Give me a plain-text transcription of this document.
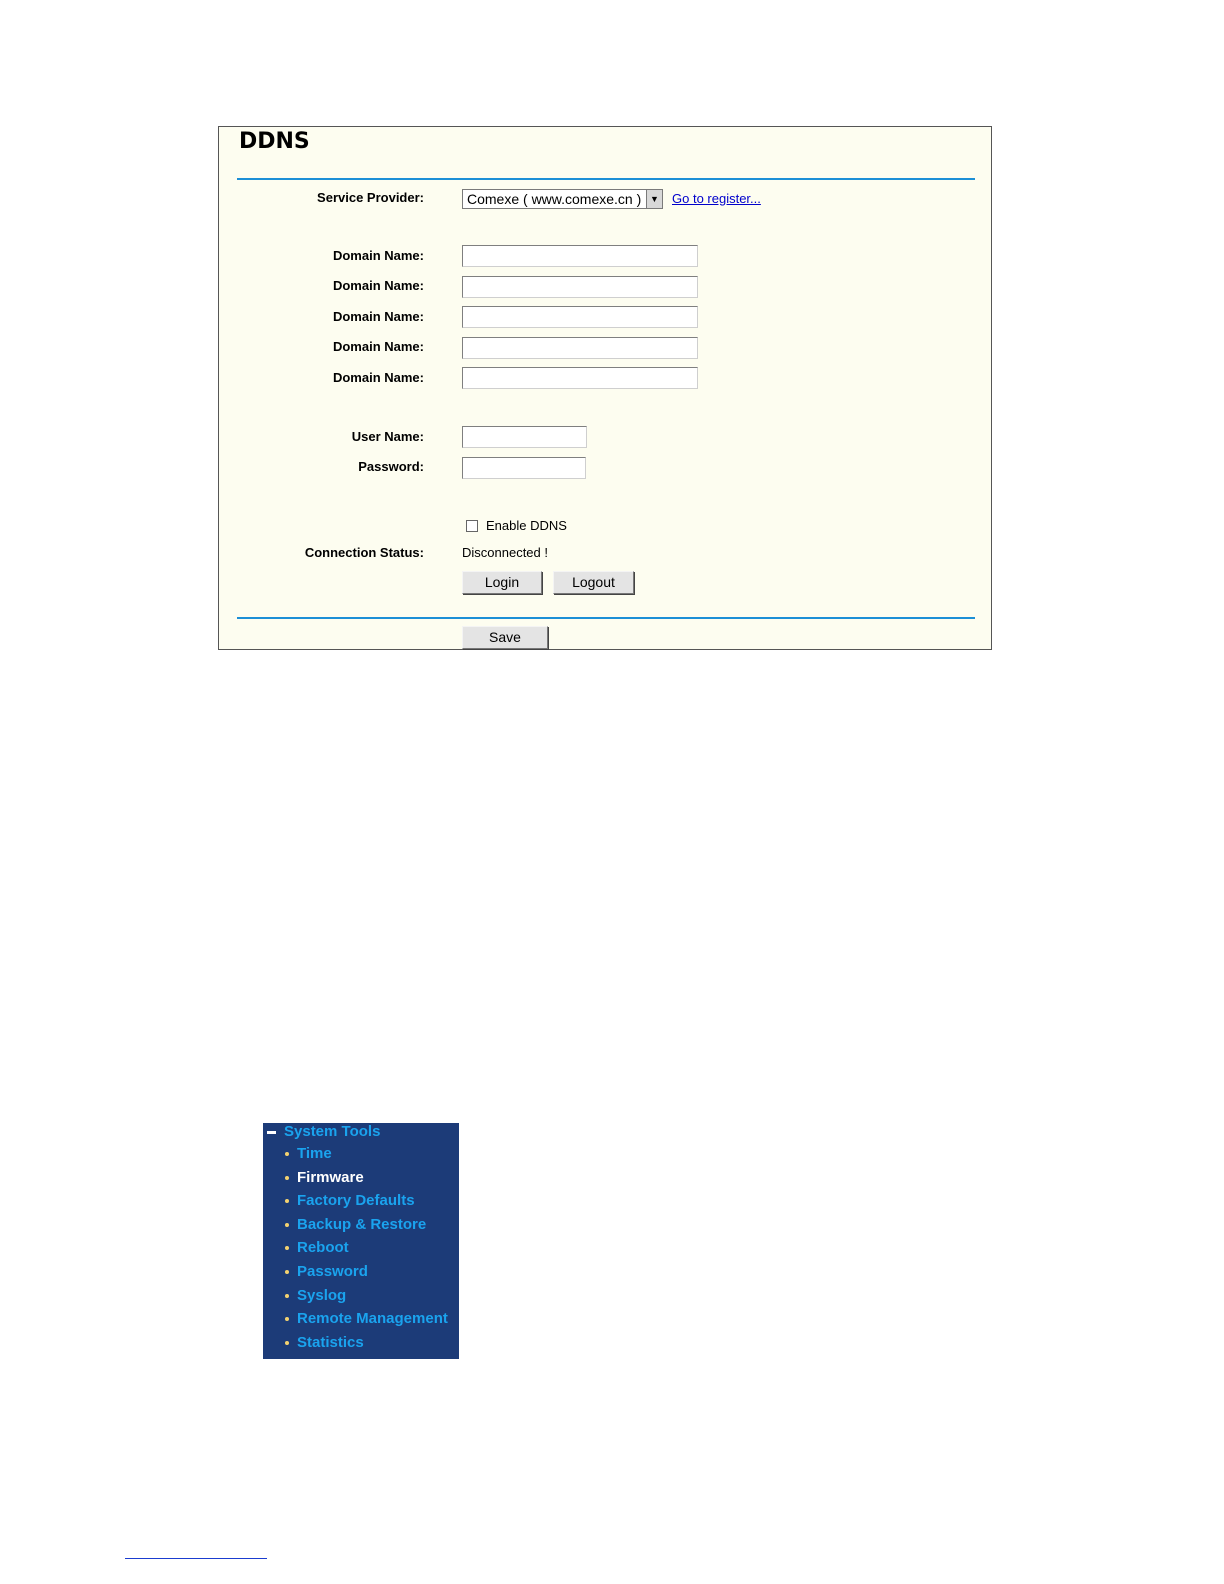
DDNS
Service Provider:	Comexe ( www.comexe.cn ) ▼ Go to register...
Domain Name:
Domain Name:
Domain Name:
Domain Name:
Domain Name:
User Name:
Password:
Enable DDNS
Connection Status:	Disconnected !
Login	Logout
Save
System Tools
Time
Firmware
Factory Defaults
Backup & Restore
Reboot
Password
Syslog
Remote Management
Statistics
